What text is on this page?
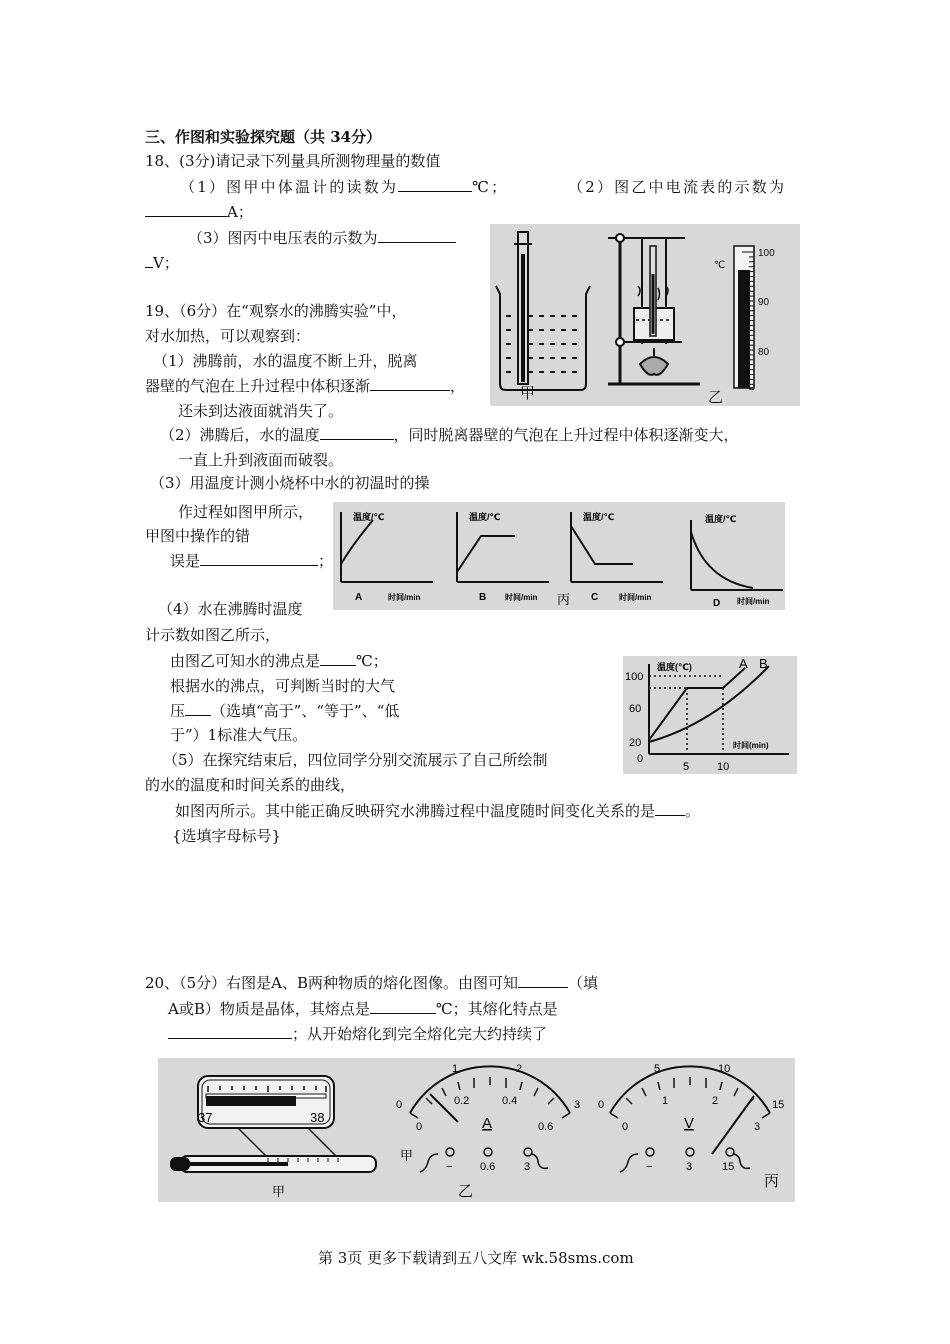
三、作图和实验探究题（共 34分）
18、(3分)请记录下列量具所测物理量的数值
（1）图甲中体温计的读数为	℃；	（2）图乙中电流表的示数为
A；
（3）图丙中电压表的示数为
V；
19、（6分）在“观察水的沸腾实验”中，
对水加热，可以观察到：
（1）沸腾前，水的温度不断上升，脱离
器壁的气泡在上升过程中体积逐渐	，
还未到达液面就消失了。
（2）沸腾后，水的温度	，同时脱离器壁的气泡在上升过程中体积逐渐变大，
一直上升到液面而破裂。
（3）用温度计测小烧杯中水的初温时的操
作过程如图甲所示，
甲图中操作的错
误是	；
（4）水在沸腾时温度
计示数如图乙所示，
由图乙可知水的沸点是 ℃；
根据水的沸点，可判断当时的大气
压 （选填“高于”、“等于”、“低
于”）1标准大气压。
（5）在探究结束后，四位同学分别交流展示了自己所绘制
的水的温度和时间关系的曲线，
如图丙所示。其中能正确反映研究水沸腾过程中温度随时间变化关系的是 。
{选填字母标号}
20、（5分）右图是A、B两种物质的熔化图像。由图可知	（填
A或B）物质是晶体，其熔点是	℃；其熔化特点是
；从开始熔化到完全熔化完大约持续了
第 3页 更多下载请到五八文库 wk.58sms.com
甲	乙
℃
100
90
80
温度/℃
A	时间/min
温度/℃
B 时间/min
温度/℃
丙 C	时间/min
温度/℃
D 时间/min
温度(℃)
时间(min)
A B
100
60
20
0
5	10
37	38
甲
0
1	2
3
0
0.2	0.4
0.6
A
甲
−	0.6	3
乙
0
5	10
15
0
1	2
3
V
−	3	15
丙
